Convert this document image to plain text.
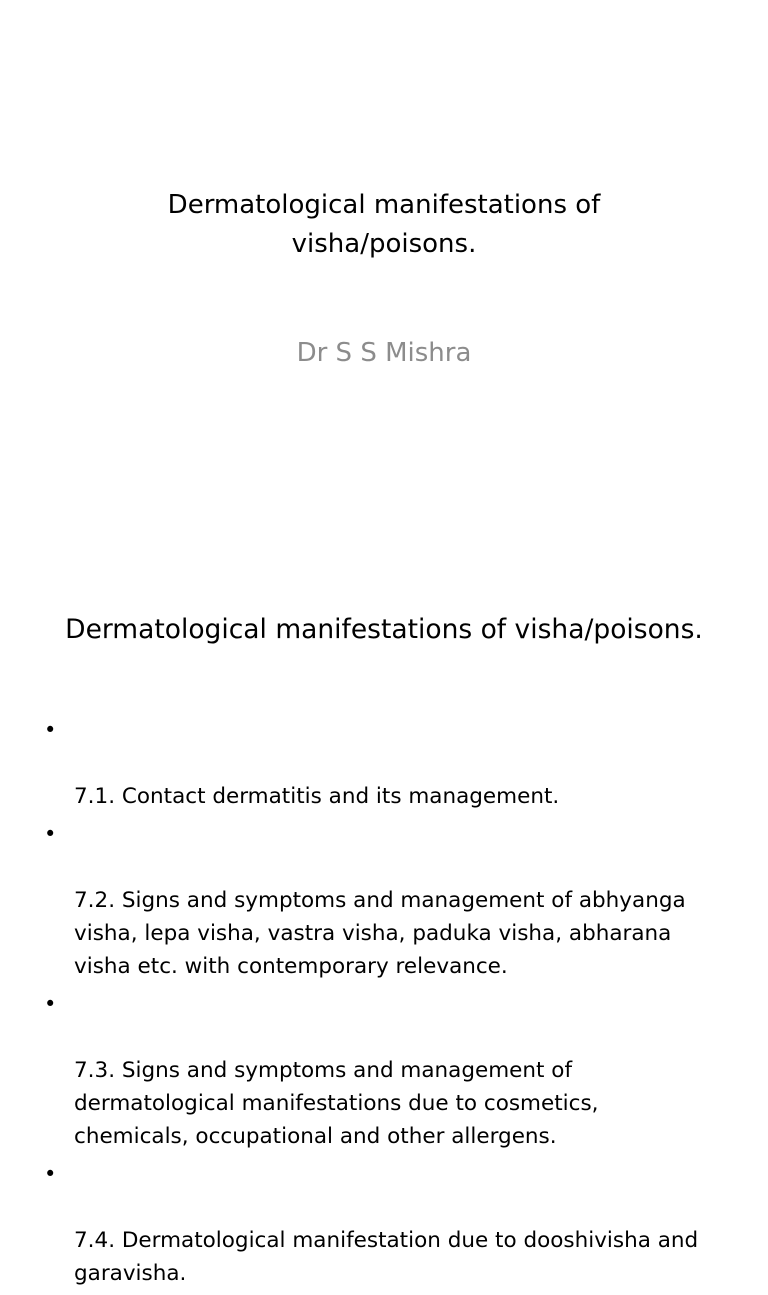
Dermatological manifestations of
visha/poisons.
Dr S S Mishra
Dermatological manifestations of visha/poisons.

•

7.1. Contact dermatitis and its management.

•

7.2. Signs and symptoms and management of abhyanga
visha, lepa visha, vastra visha, paduka visha, abharana
visha etc. with contemporary relevance.

•

7.3. Signs and symptoms and management of
dermatological manifestations due to cosmetics,
chemicals, occupational and other allergens.

•

7.4. Dermatological manifestation due to dooshivisha and
garavisha.
